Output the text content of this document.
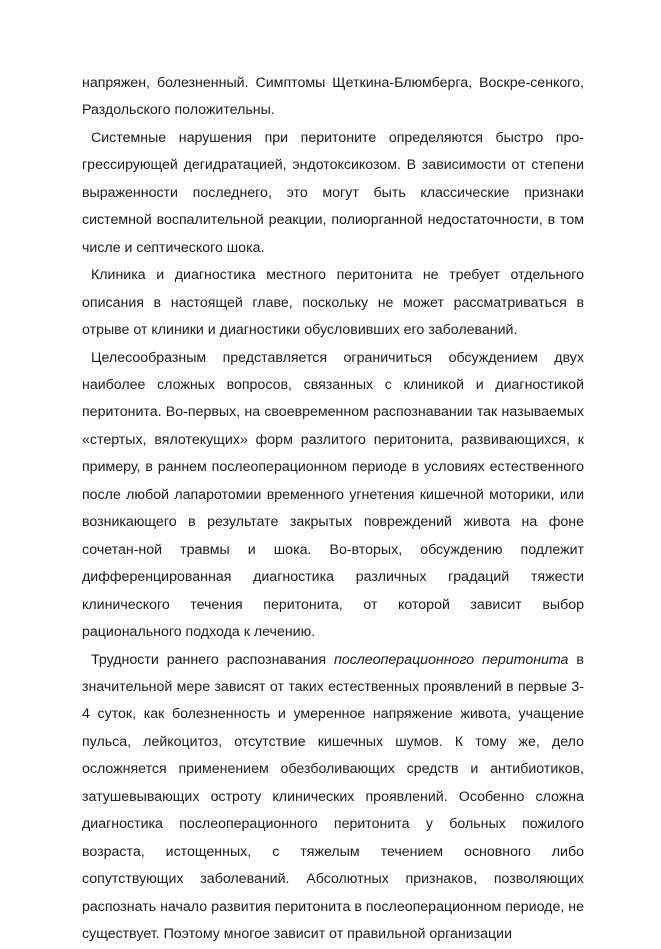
напряжен, болезненный. Симптомы Щеткина-Блюмберга, Воскре-сенкого, Раздольского положительны.

Системные нарушения при перитоните определяются быстро про-грессирующей дегидратацией, эндотоксикозом. В зависимости от степени выраженности последнего, это могут быть классические признаки системной воспалительной реакции, полиорганной недостаточности, в том числе и септического шока.

Клиника и диагностика местного перитонита не требует отдельного описания в настоящей главе, поскольку не может рассматриваться в отрыве от клиники и диагностики обусловивших его заболеваний.

Целесообразным представляется ограничиться обсуждением двух наиболее сложных вопросов, связанных с клиникой и диагностикой перитонита. Во-первых, на своевременном распознавании так называемых «стертых, вялотекущих» форм разлитого перитонита, развивающихся, к примеру, в раннем послеоперационном периоде в условиях естественного после любой лапаротомии временного угнетения кишечной моторики, или возникающего в результате закрытых повреждений живота на фоне сочетан-ной травмы и шока. Во-вторых, обсуждению подлежит дифференцированная диагностика различных градаций тяжести клинического течения перитонита, от которой зависит выбор рационального подхода к лечению.

Трудности раннего распознавания послеоперационного перитонита в значительной мере зависят от таких естественных проявлений в первые 3-4 суток, как болезненность и умеренное напряжение живота, учащение пульса, лейкоцитоз, отсутствие кишечных шумов. К тому же, дело осложняется применением обезболивающих средств и антибиотиков, затушевывающих остроту клинических проявлений. Особенно сложна диагностика послеоперационного перитонита у больных пожилого возраста, истощенных, с тяжелым течением основного либо сопутствующих заболеваний. Абсолютных признаков, позволяющих распознать начало развития перитонита в послеоперационном периоде, не существует. Поэтому многое зависит от правильной организации
